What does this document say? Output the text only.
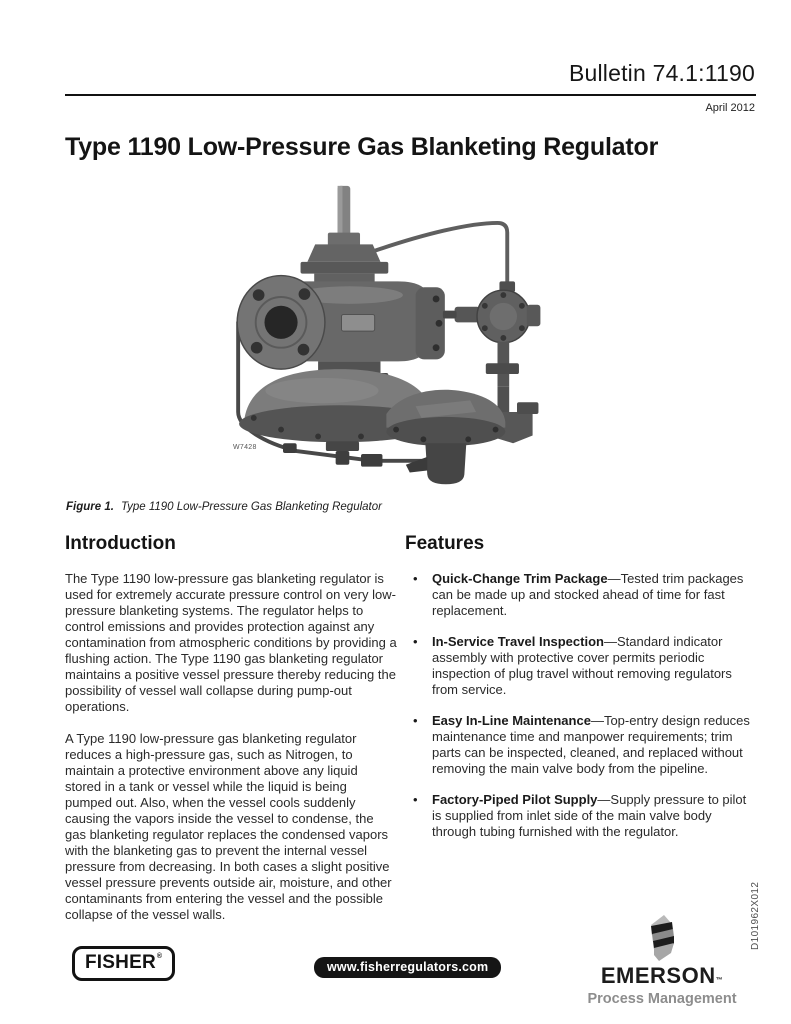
Bulletin 74.1:1190
April 2012
Type 1190 Low-Pressure Gas Blanketing Regulator
W7428
Figure 1. Type 1190 Low-Pressure Gas Blanketing Regulator
Introduction

The Type 1190 low-pressure gas blanketing regulator is used for extremely accurate pressure control on very low-pressure blanketing systems. The regulator helps to control emissions and provides protection against any contamination from atmospheric conditions by providing a flushing action. The Type 1190 gas blanketing regulator maintains a positive vessel pressure thereby reducing the possibility of vessel wall collapse during pump-out operations.

A Type 1190 low-pressure gas blanketing regulator reduces a high-pressure gas, such as Nitrogen, to maintain a protective environment above any liquid stored in a tank or vessel while the liquid is being pumped out. Also, when the vessel cools suddenly causing the vapors inside the vessel to condense, the gas blanketing regulator replaces the condensed vapors with the blanketing gas to prevent the internal vessel pressure from decreasing. In both cases a slight positive vessel pressure prevents outside air, moisture, and other contaminants from entering the vessel and the possible collapse of the vessel walls.

Features
• Quick-Change Trim Package—Tested trim packages can be made up and stocked ahead of time for fast replacement.
• In-Service Travel Inspection—Standard indicator assembly with protective cover permits periodic inspection of plug travel without removing regulators from service.
• Easy In-Line Maintenance—Top-entry design reduces maintenance time and manpower requirements; trim parts can be inspected, cleaned, and replaced without removing the main valve body from the pipeline.
• Factory-Piped Pilot Supply—Supply pressure to pilot is supplied from inlet side of the main valve body through tubing furnished with the regulator.
FISHER®
www.fisherregulators.com	EMERSON™
Process Management
D101962X012
